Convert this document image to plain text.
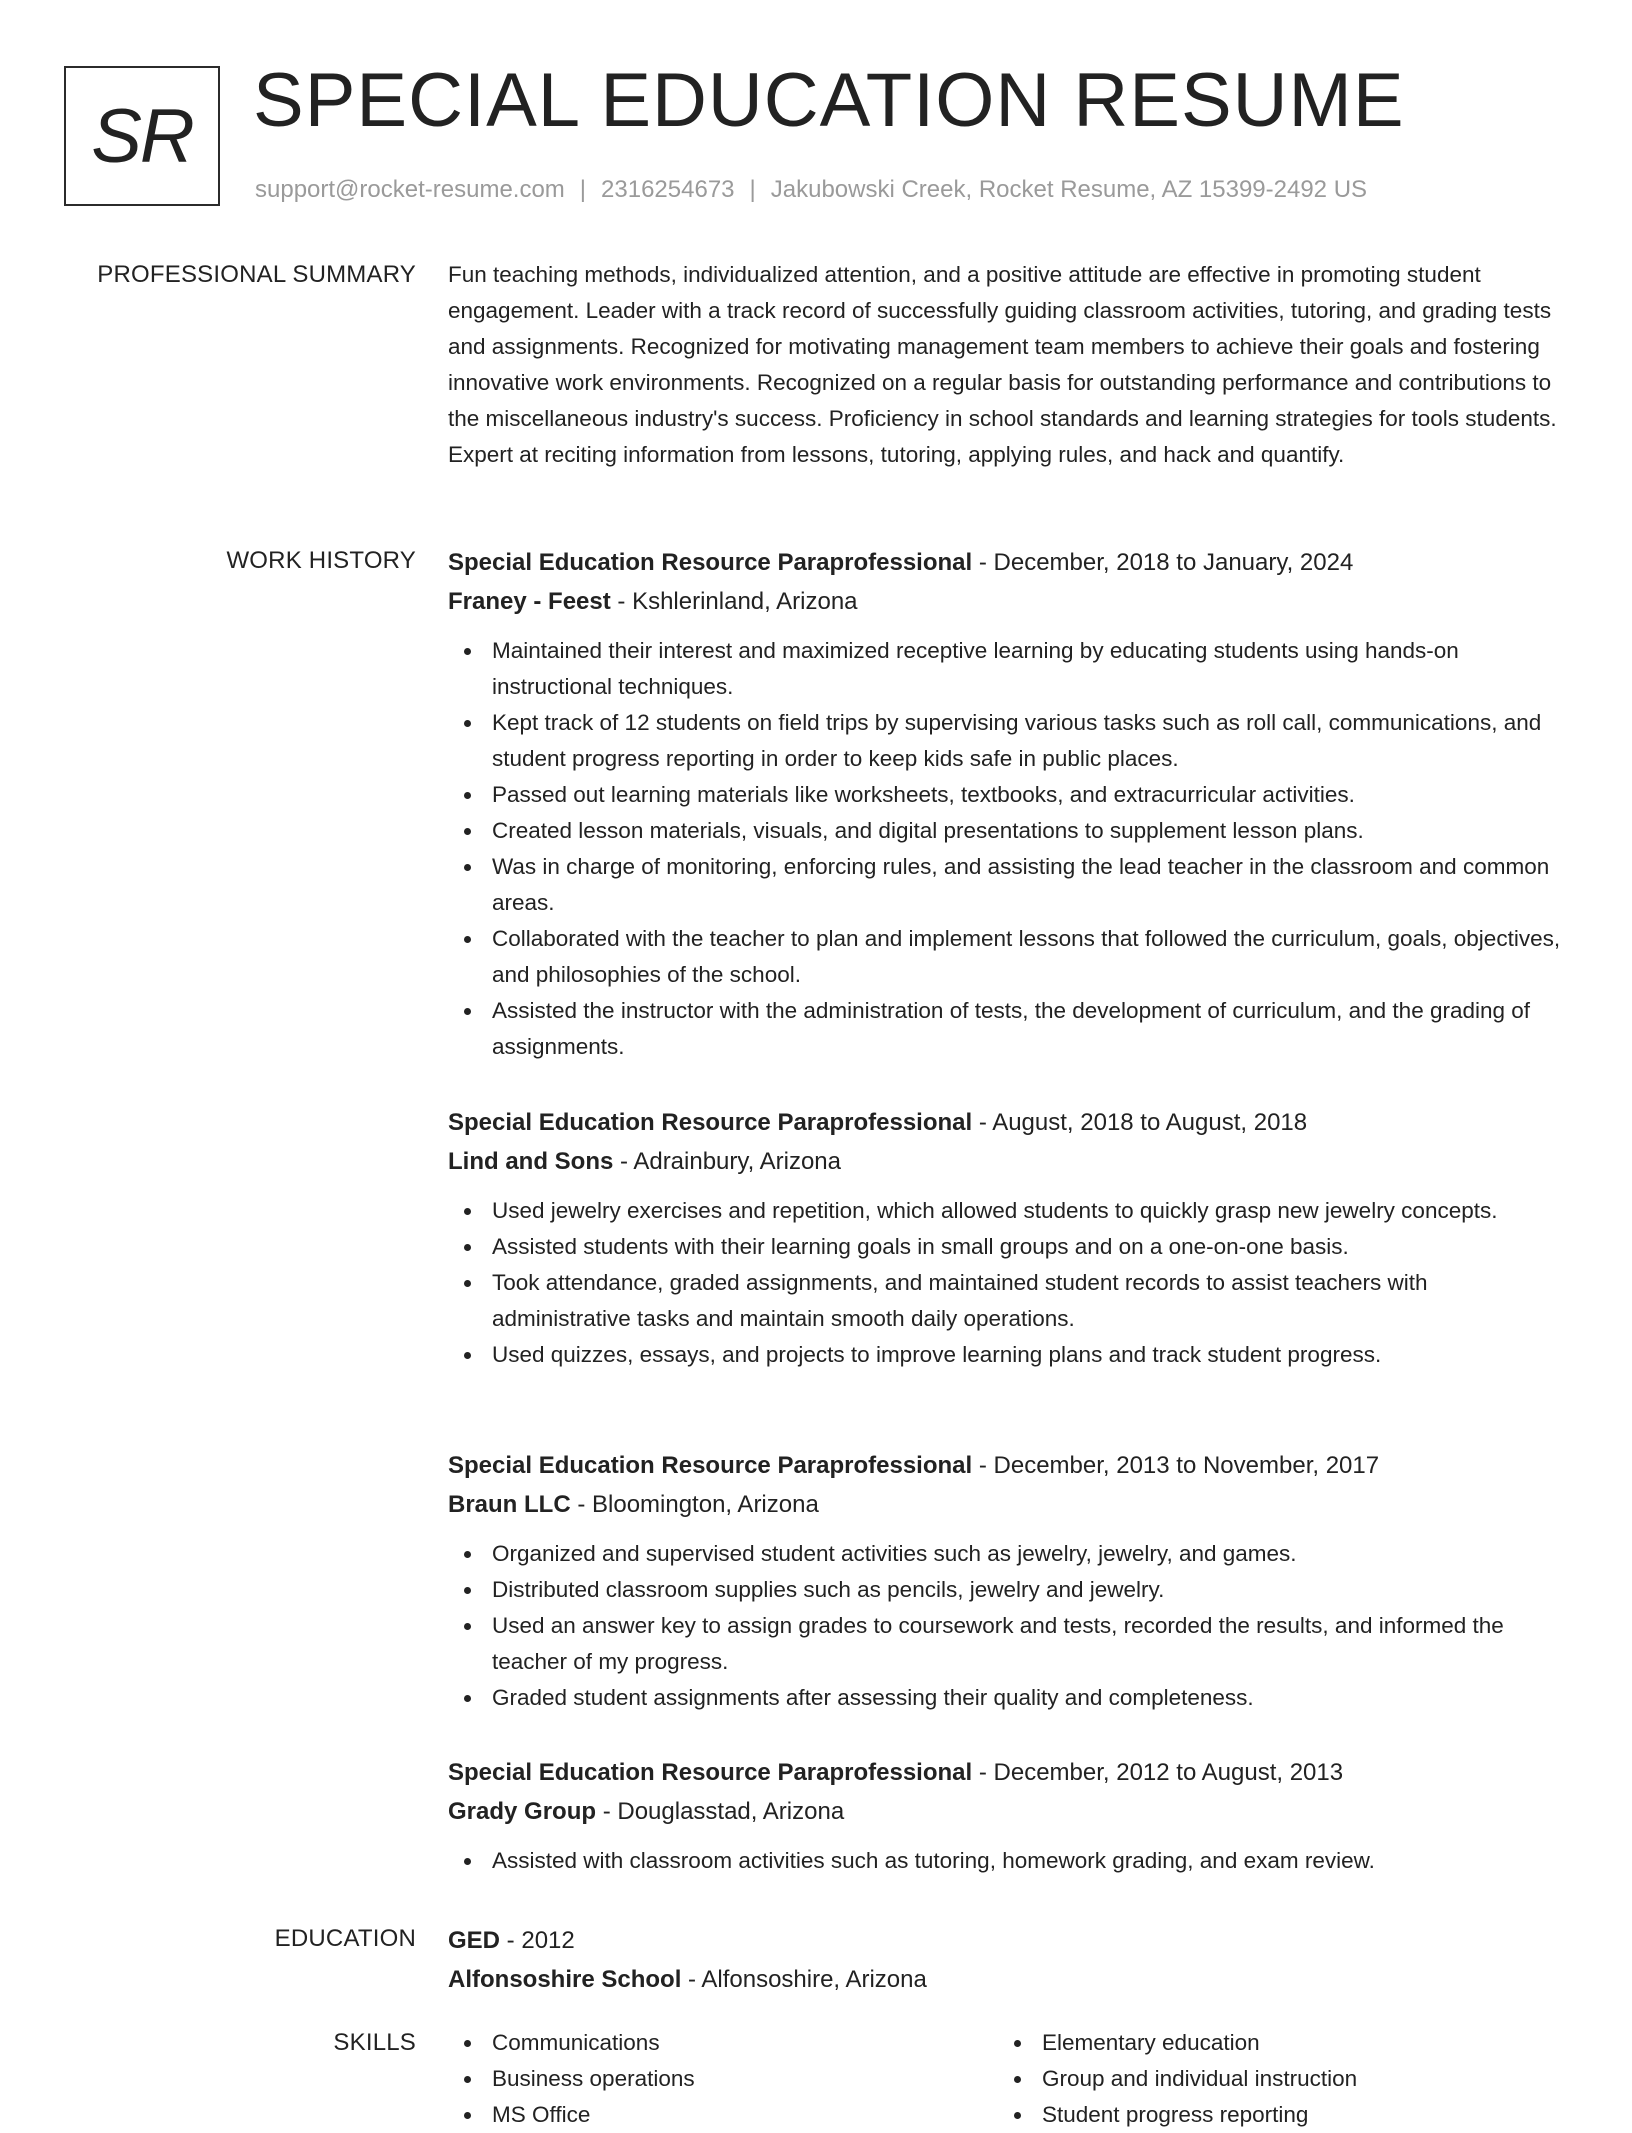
SR SPECIAL EDUCATION RESUME
support@rocket-resume.com | 2316254673 | Jakubowski Creek, Rocket Resume, AZ 15399-2492 US
PROFESSIONAL SUMMARY Fun teaching methods, individualized attention, and a positive attitude are effective in promoting student engagement. Leader with a track record of successfully guiding classroom activities, tutoring, and grading tests and assignments. Recognized for motivating management team members to achieve their goals and fostering innovative work environments. Recognized on a regular basis for outstanding performance and contributions to the miscellaneous industry's success. Proficiency in school standards and learning strategies for tools students. Expert at reciting information from lessons, tutoring, applying rules, and hack and quantify.

WORK HISTORY Special Education Resource Paraprofessional - December, 2018 to January, 2024
Franey - Feest - Kshlerinland, Arizona
Maintained their interest and maximized receptive learning by educating students using hands-on instructional techniques.
Kept track of 12 students on field trips by supervising various tasks such as roll call, communications, and student progress reporting in order to keep kids safe in public places.
Passed out learning materials like worksheets, textbooks, and extracurricular activities.
Created lesson materials, visuals, and digital presentations to supplement lesson plans.
Was in charge of monitoring, enforcing rules, and assisting the lead teacher in the classroom and common areas.
Collaborated with the teacher to plan and implement lessons that followed the curriculum, goals, objectives, and philosophies of the school.
Assisted the instructor with the administration of tests, the development of curriculum, and the grading of assignments.
Special Education Resource Paraprofessional - August, 2018 to August, 2018
Lind and Sons - Adrainbury, Arizona
Used jewelry exercises and repetition, which allowed students to quickly grasp new jewelry concepts.
Assisted students with their learning goals in small groups and on a one-on-one basis.
Took attendance, graded assignments, and maintained student records to assist teachers with administrative tasks and maintain smooth daily operations.
Used quizzes, essays, and projects to improve learning plans and track student progress.
Special Education Resource Paraprofessional - December, 2013 to November, 2017
Braun LLC - Bloomington, Arizona
Organized and supervised student activities such as jewelry, jewelry, and games.
Distributed classroom supplies such as pencils, jewelry and jewelry.
Used an answer key to assign grades to coursework and tests, recorded the results, and informed the teacher of my progress.
Graded student assignments after assessing their quality and completeness.
Special Education Resource Paraprofessional - December, 2012 to August, 2013
Grady Group - Douglasstad, Arizona
Assisted with classroom activities such as tutoring, homework grading, and exam review.
EDUCATION GED - 2012
Alfonsoshire School - Alfonsoshire, Arizona
SKILLS	Communications
Business operations
MS Office
Elementary education
Group and individual instruction
Student progress reporting
